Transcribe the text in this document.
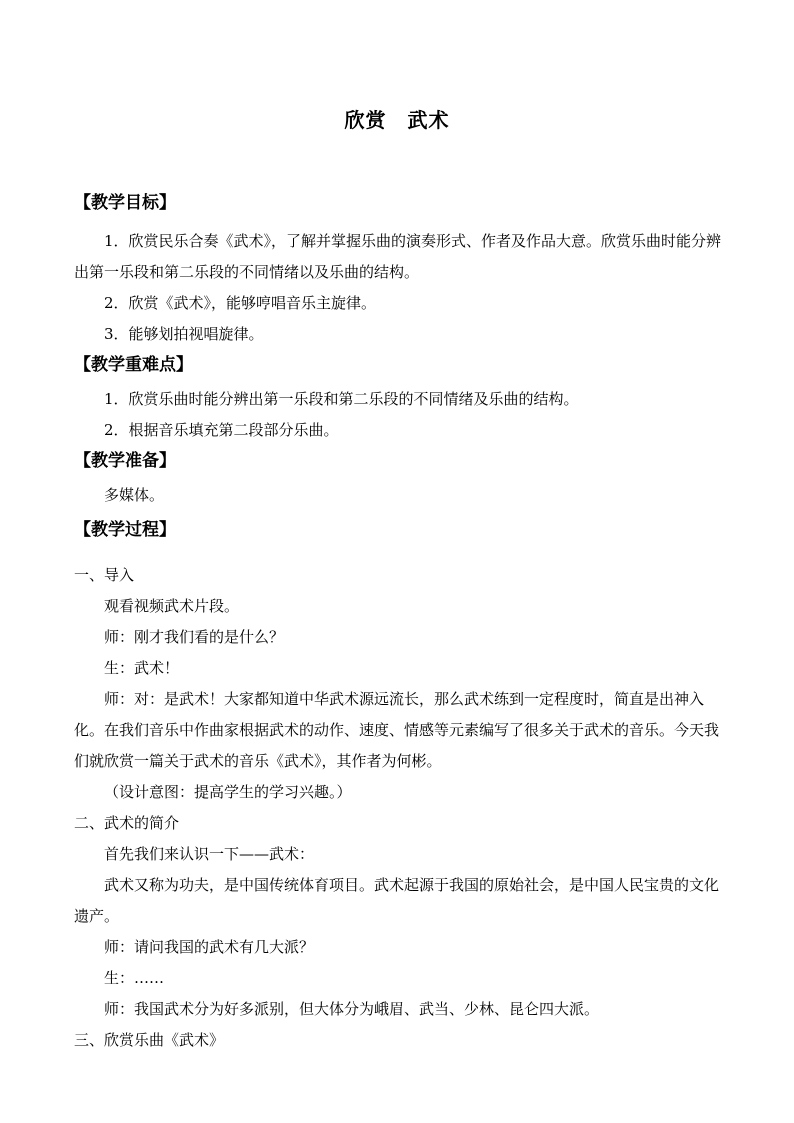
欣赏　武术
【教学目标】

1．欣赏民乐合奏《武术》，了解并掌握乐曲的演奏形式、作者及作品大意。欣赏乐曲时能分辨出第一乐段和第二乐段的不同情绪以及乐曲的结构。

2．欣赏《武术》，能够哼唱音乐主旋律。

3．能够划拍视唱旋律。

【教学重难点】

1．欣赏乐曲时能分辨出第一乐段和第二乐段的不同情绪及乐曲的结构。

2．根据音乐填充第二段部分乐曲。

【教学准备】

多媒体。

【教学过程】
一、导入

观看视频武术片段。

师：刚才我们看的是什么？

生：武术！

师：对：是武术！大家都知道中华武术源远流长，那么武术练到一定程度时，简直是出神入化。在我们音乐中作曲家根据武术的动作、速度、情感等元素编写了很多关于武术的音乐。今天我们就欣赏一篇关于武术的音乐《武术》，其作者为何彬。

（设计意图：提高学生的学习兴趣。）

二、武术的简介

首先我们来认识一下——武术：

武术又称为功夫，是中国传统体育项目。武术起源于我国的原始社会，是中国人民宝贵的文化遗产。

师：请问我国的武术有几大派？

生：……

师：我国武术分为好多派别，但大体分为峨眉、武当、少林、昆仑四大派。

三、欣赏乐曲《武术》
